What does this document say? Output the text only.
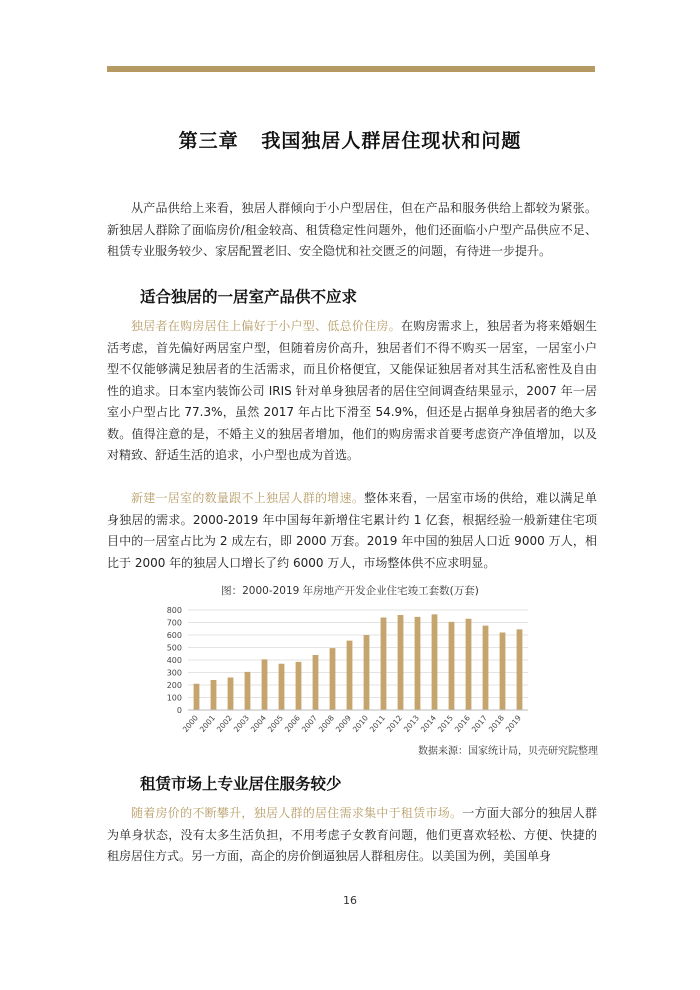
第三章   我国独居人群居住现状和问题

从产品供给上来看，独居人群倾向于小户型居住，但在产品和服务供给上都较为紧张。新独居人群除了面临房价/租金较高、租赁稳定性问题外，他们还面临小户型产品供应不足、租赁专业服务较少、家居配置老旧、安全隐忧和社交匮乏的问题，有待进一步提升。

适合独居的一居室产品供不应求

独居者在购房居住上偏好于小户型、低总价住房。在购房需求上，独居者为将来婚姻生活考虑，首先偏好两居室户型，但随着房价高升，独居者们不得不购买一居室，一居室小户型不仅能够满足独居者的生活需求，而且价格便宜，又能保证独居者对其生活私密性及自由性的追求。日本室内装饰公司 IRIS 针对单身独居者的居住空间调查结果显示，2007 年一居室小户型占比 77.3%，虽然 2017 年占比下滑至 54.9%，但还是占据单身独居者的绝大多数。值得注意的是，不婚主义的独居者增加，他们的购房需求首要考虑资产净值增加，以及对精致、舒适生活的追求，小户型也成为首选。

新建一居室的数量跟不上独居人群的增速。整体来看，一居室市场的供给，难以满足单身独居的需求。2000-2019 年中国每年新增住宅累计约 1 亿套，根据经验一般新建住宅项目中的一居室占比为 2 成左右，即 2000 万套。2019 年中国的独居人口近 9000 万人，相比于 2000 年的独居人口增长了约 6000 万人，市场整体供不应求明显。

图：2000-2019 年房地产开发企业住宅竣工套数(万套)
0
100
200
300
400
500
600
700
800
2000
2001
2002
2003
2004
2005
2006
2007
2008
2009
2010
2011
2012
2013
2014
2015
2016
2017
2018
2019
数据来源：国家统计局，贝壳研究院整理
租赁市场上专业居住服务较少

随着房价的不断攀升，独居人群的居住需求集中于租赁市场。一方面大部分的独居人群为单身状态，没有太多生活负担，不用考虑子女教育问题，他们更喜欢轻松、方便、快捷的租房居住方式。另一方面，高企的房价倒逼独居人群租房住。以美国为例，美国单身

16
